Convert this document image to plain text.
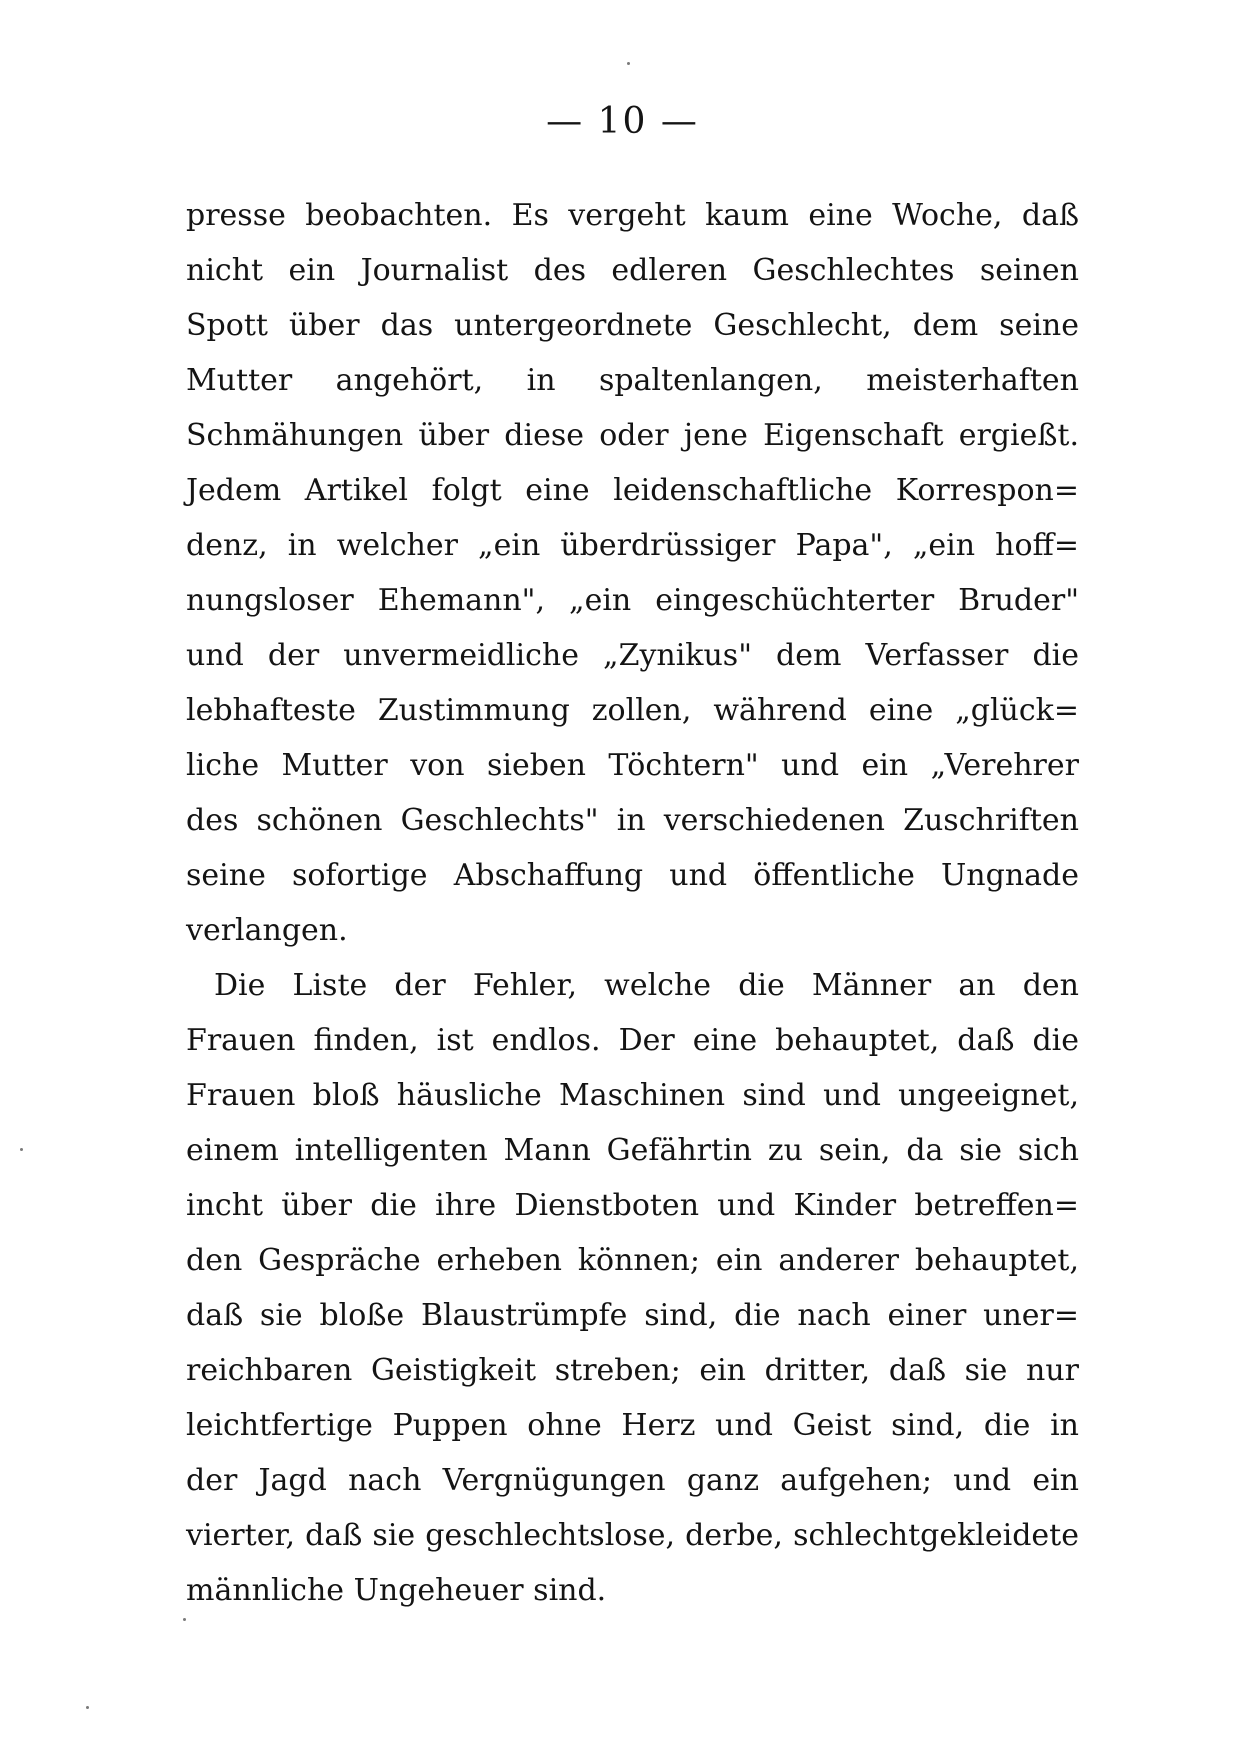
— 10 —
presse beobachten. Es vergeht kaum eine Woche, daß
nicht ein Journalist des edleren Geschlechtes seinen
Spott über das untergeordnete Geschlecht, dem seine
Mutter angehört, in spaltenlangen, meisterhaften
Schmähungen über diese oder jene Eigenschaft ergießt.
Jedem Artikel folgt eine leidenschaftliche Korrespon=
denz, in welcher „ein überdrüssiger Papa", „ein hoff=
nungsloser Ehemann", „ein eingeschüchterter Bruder"
und der unvermeidliche „Zynikus" dem Verfasser die
lebhafteste Zustimmung zollen, während eine „glück=
liche Mutter von sieben Töchtern" und ein „Verehrer
des schönen Geschlechts" in verschiedenen Zuschriften
seine sofortige Abschaffung und öffentliche Ungnade
verlangen.
Die Liste der Fehler, welche die Männer an den
Frauen finden, ist endlos. Der eine behauptet, daß die
Frauen bloß häusliche Maschinen sind und ungeeignet,
einem intelligenten Mann Gefährtin zu sein, da sie sich
incht über die ihre Dienstboten und Kinder betreffen=
den Gespräche erheben können; ein anderer behauptet,
daß sie bloße Blaustrümpfe sind, die nach einer uner=
reichbaren Geistigkeit streben; ein dritter, daß sie nur
leichtfertige Puppen ohne Herz und Geist sind, die in
der Jagd nach Vergnügungen ganz aufgehen; und ein
vierter, daß sie geschlechtslose, derbe, schlechtgekleidete
männliche Ungeheuer sind.
